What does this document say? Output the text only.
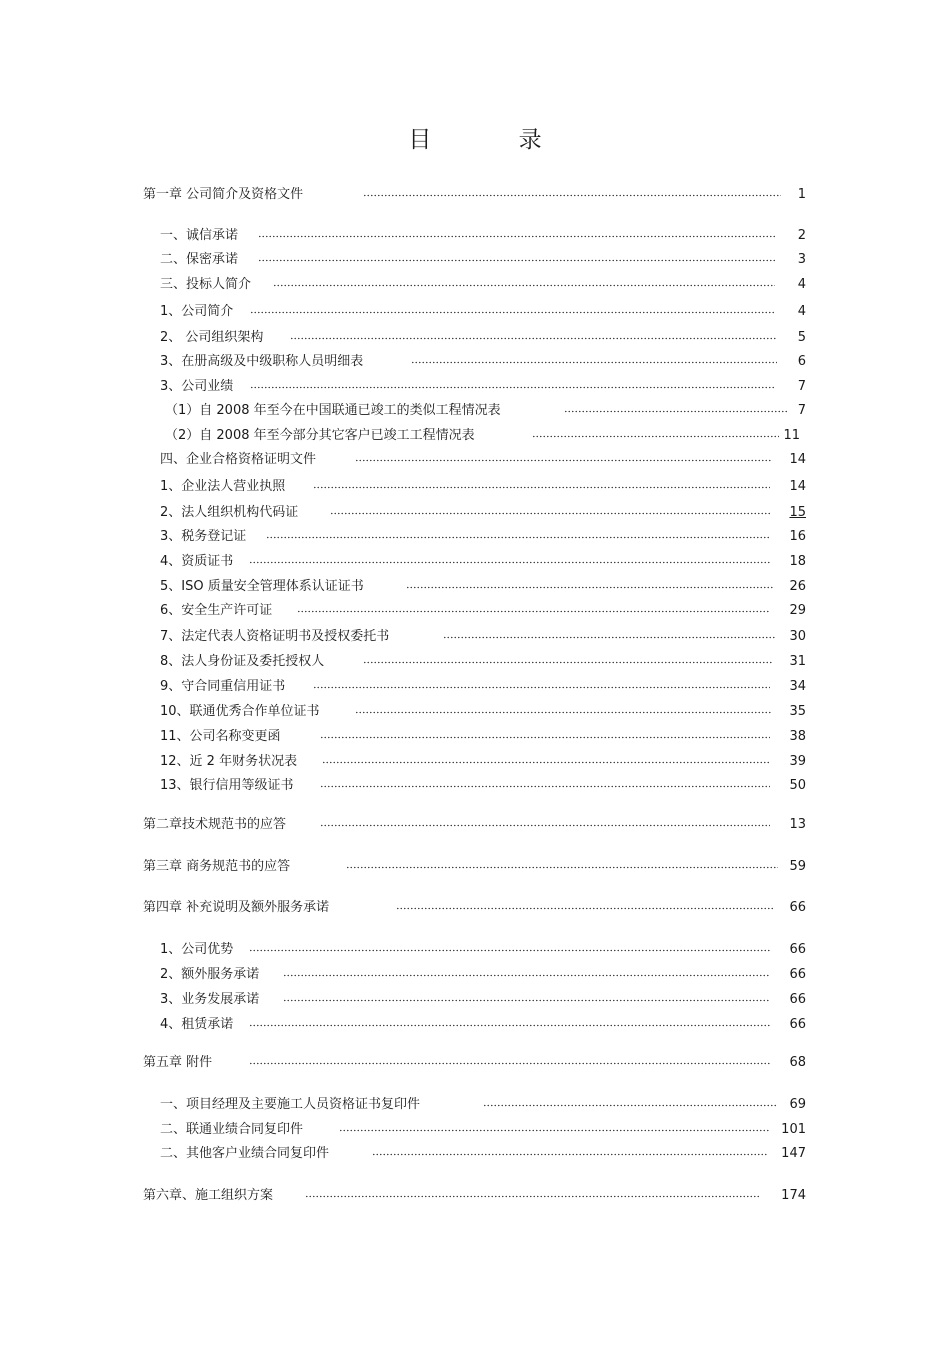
目 录
第一章 公司简介及资格文件	1
一、诚信承诺	2
二、保密承诺	3
三、投标人简介	4
1、公司简介	4
2、 公司组织架构	5
3、在册高级及中级职称人员明细表	6
3、公司业绩	7
（1）自 2008 年至今在中国联通已竣工的类似工程情况表	7
（2）自 2008 年至今部分其它客户已竣工工程情况表	11
四、企业合格资格证明文件	14
1、企业法人营业执照	14
2、法人组织机构代码证	15
3、税务登记证	16
4、资质证书	18
5、ISO 质量安全管理体系认证证书	26
6、安全生产许可证	29
7、法定代表人资格证明书及授权委托书	30
8、法人身份证及委托授权人	31
9、守合同重信用证书	34
10、联通优秀合作单位证书	35
11、公司名称变更函	38
12、近 2 年财务状况表	39
13、银行信用等级证书	50
第二章技术规范书的应答	13
第三章 商务规范书的应答	59
第四章 补充说明及额外服务承诺	66
1、公司优势	66
2、额外服务承诺	66
3、业务发展承诺	66
4、租赁承诺	66
第五章 附件	68
一、项目经理及主要施工人员资格证书复印件	69
二、联通业绩合同复印件	101
二、其他客户业绩合同复印件	147
第六章、施工组织方案	174
